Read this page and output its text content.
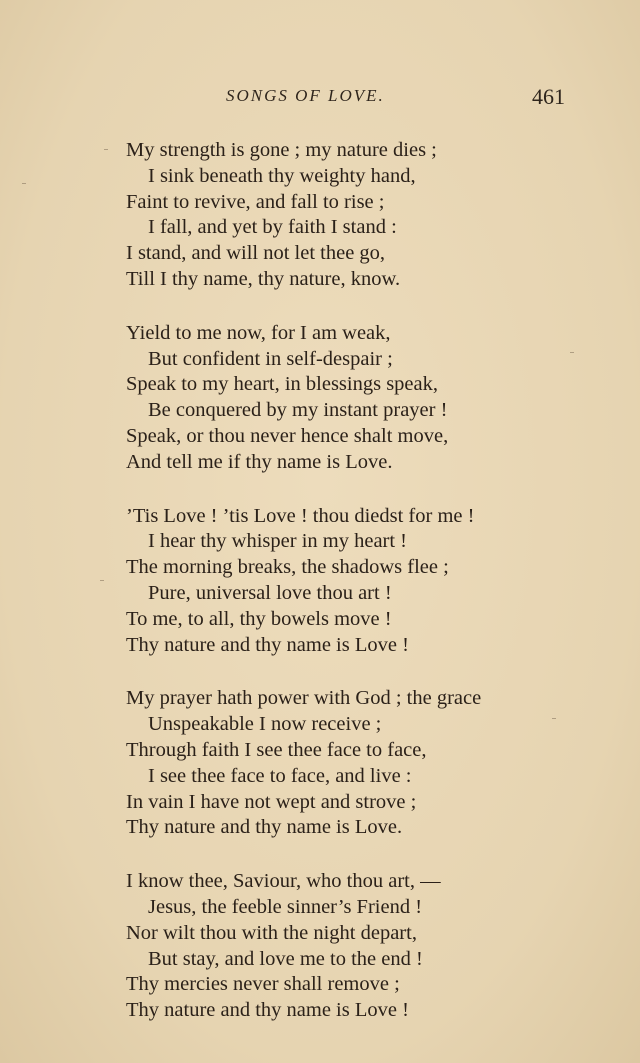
SONGS OF LOVE.	461
My strength is gone ; my nature dies ;
I sink beneath thy weighty hand,
Faint to revive, and fall to rise ;
I fall, and yet by faith I stand :
I stand, and will not let thee go,
Till I thy name, thy nature, know.
Yield to me now, for I am weak,
But confident in self-despair ;
Speak to my heart, in blessings speak,
Be conquered by my instant prayer !
Speak, or thou never hence shalt move,
And tell me if thy name is Love.
’Tis Love ! ’tis Love ! thou diedst for me !
I hear thy whisper in my heart !
The morning breaks, the shadows flee ;
Pure, universal love thou art !
To me, to all, thy bowels move !
Thy nature and thy name is Love !
My prayer hath power with God ; the grace
Unspeakable I now receive ;
Through faith I see thee face to face,
I see thee face to face, and live :
In vain I have not wept and strove ;
Thy nature and thy name is Love.
I know thee, Saviour, who thou art, —
Jesus, the feeble sinner’s Friend !
Nor wilt thou with the night depart,
But stay, and love me to the end !
Thy mercies never shall remove ;
Thy nature and thy name is Love !
